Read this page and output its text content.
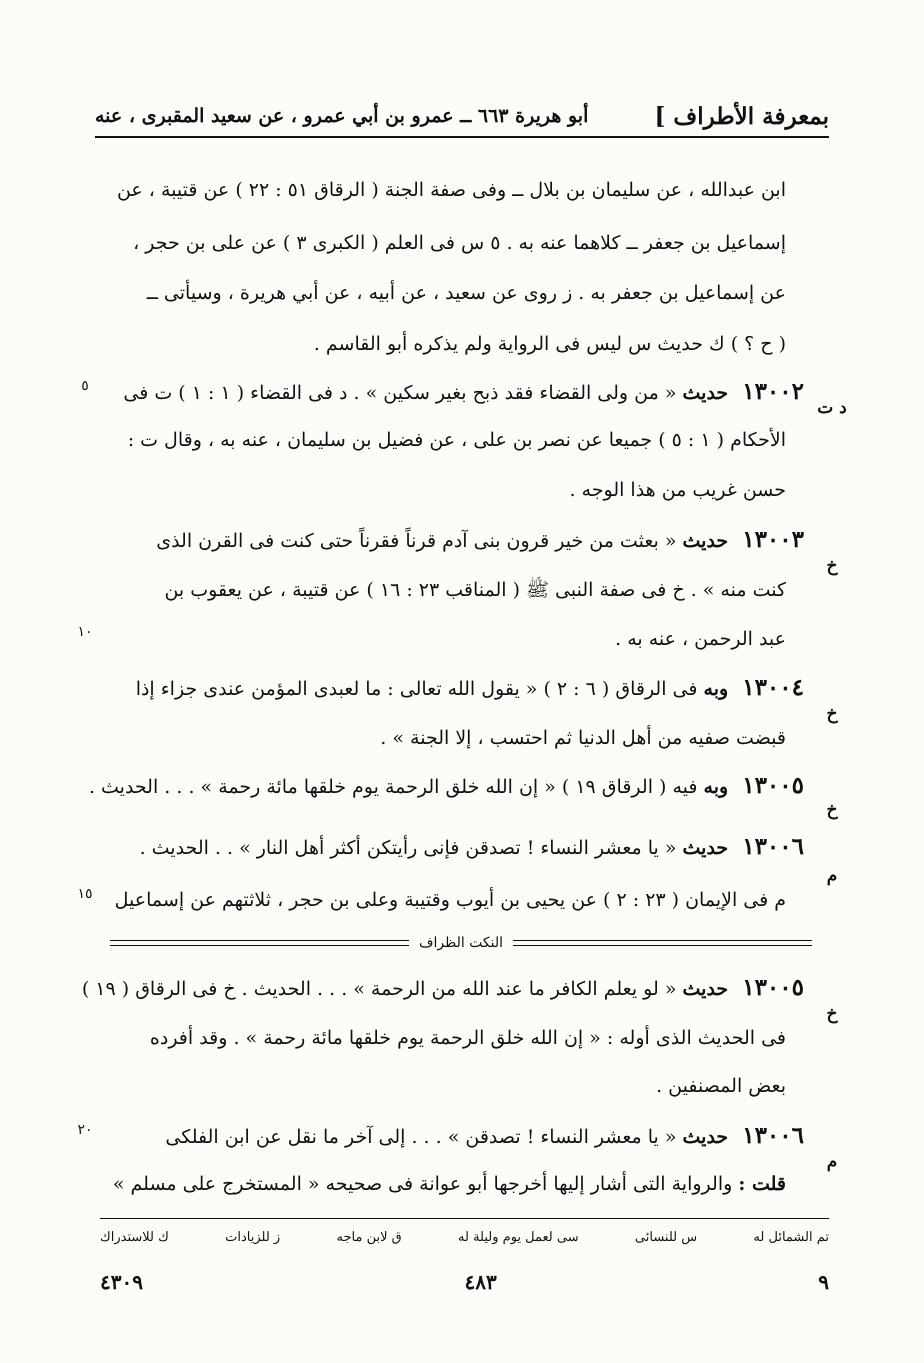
بمعرفة الأطراف ]
أبو هريرة ٦٦٣ ــ عمرو بن أبي عمرو ، عن سعيد المقبرى ، عنه
ابن عبدالله ، عن سليمان بن بلال ــ وفى صفة الجنة ( الرقاق ٥١ : ٢٢ ) عن قتيبة ، عن
إسماعيل بن جعفر ــ كلاهما عنه به . ٥ س فى العلم ( الكبرى ٣ ) عن على بن حجر ،
عن إسماعيل بن جعفر به . ز روى عن سعيد ، عن أبيه ، عن أبي هريرة ، وسيأتى ــ
( ح ؟ ) ك حديث س ليس فى الرواية ولم يذكره أبو القاسم .
١٣٠٠٢ حديث « من ولى القضاء فقد ذبح بغير سكين » . د فى القضاء ( ١ : ١ ) ت فى
د ت
٥
الأحكام ( ١ : ٥ ) جميعا عن نصر بن على ، عن فضيل بن سليمان ، عنه به ، وقال ت :
حسن غريب من هذا الوجه .
١٣٠٠٣ حديث « بعثت من خير قرون بنى آدم قرناً فقرناً حتى كنت فى القرن الذى
خ
كنت منه » . خ فى صفة النبى ﷺ ( المناقب ٢٣ : ١٦ ) عن قتيبة ، عن يعقوب بن
عبد الرحمن ، عنه به .
١٠
١٣٠٠٤ وبه فى الرقاق ( ٦ : ٢ ) « يقول الله تعالى : ما لعبدى المؤمن عندى جزاء إذا
خ
قبضت صفيه من أهل الدنيا ثم احتسب ، إلا الجنة » .
١٣٠٠٥ وبه فيه ( الرقاق ١٩ ) « إن الله خلق الرحمة يوم خلقها مائة رحمة » . . . الحديث .
خ
١٣٠٠٦ حديث « يا معشر النساء ! تصدقن فإنى رأيتكن أكثر أهل النار » . . الحديث .
م
م فى الإيمان ( ٢٣ : ٢ ) عن يحيى بن أيوب وقتيبة وعلى بن حجر ، ثلاثتهم عن إسماعيل
١٥
النكت الظراف
١٣٠٠٥ حديث « لو يعلم الكافر ما عند الله من الرحمة » . . . الحديث . خ فى الرقاق ( ١٩ )
خ
فى الحديث الذى أوله : « إن الله خلق الرحمة يوم خلقها مائة رحمة » . وقد أفرده
بعض المصنفين .
١٣٠٠٦ حديث « يا معشر النساء ! تصدقن » . . . إلى آخر ما نقل عن ابن الفلكى
٢٠
م
قلت : والرواية التى أشار إليها أخرجها أبو عوانة فى صحيحه « المستخرج على مسلم »
تم الشمائل له
س للنسائى
سى لعمل يوم وليلة له
ق لابن ماجه
ز للزيادات
ك للاستدراك
٩
٤٨٣
٤٣٠٩
